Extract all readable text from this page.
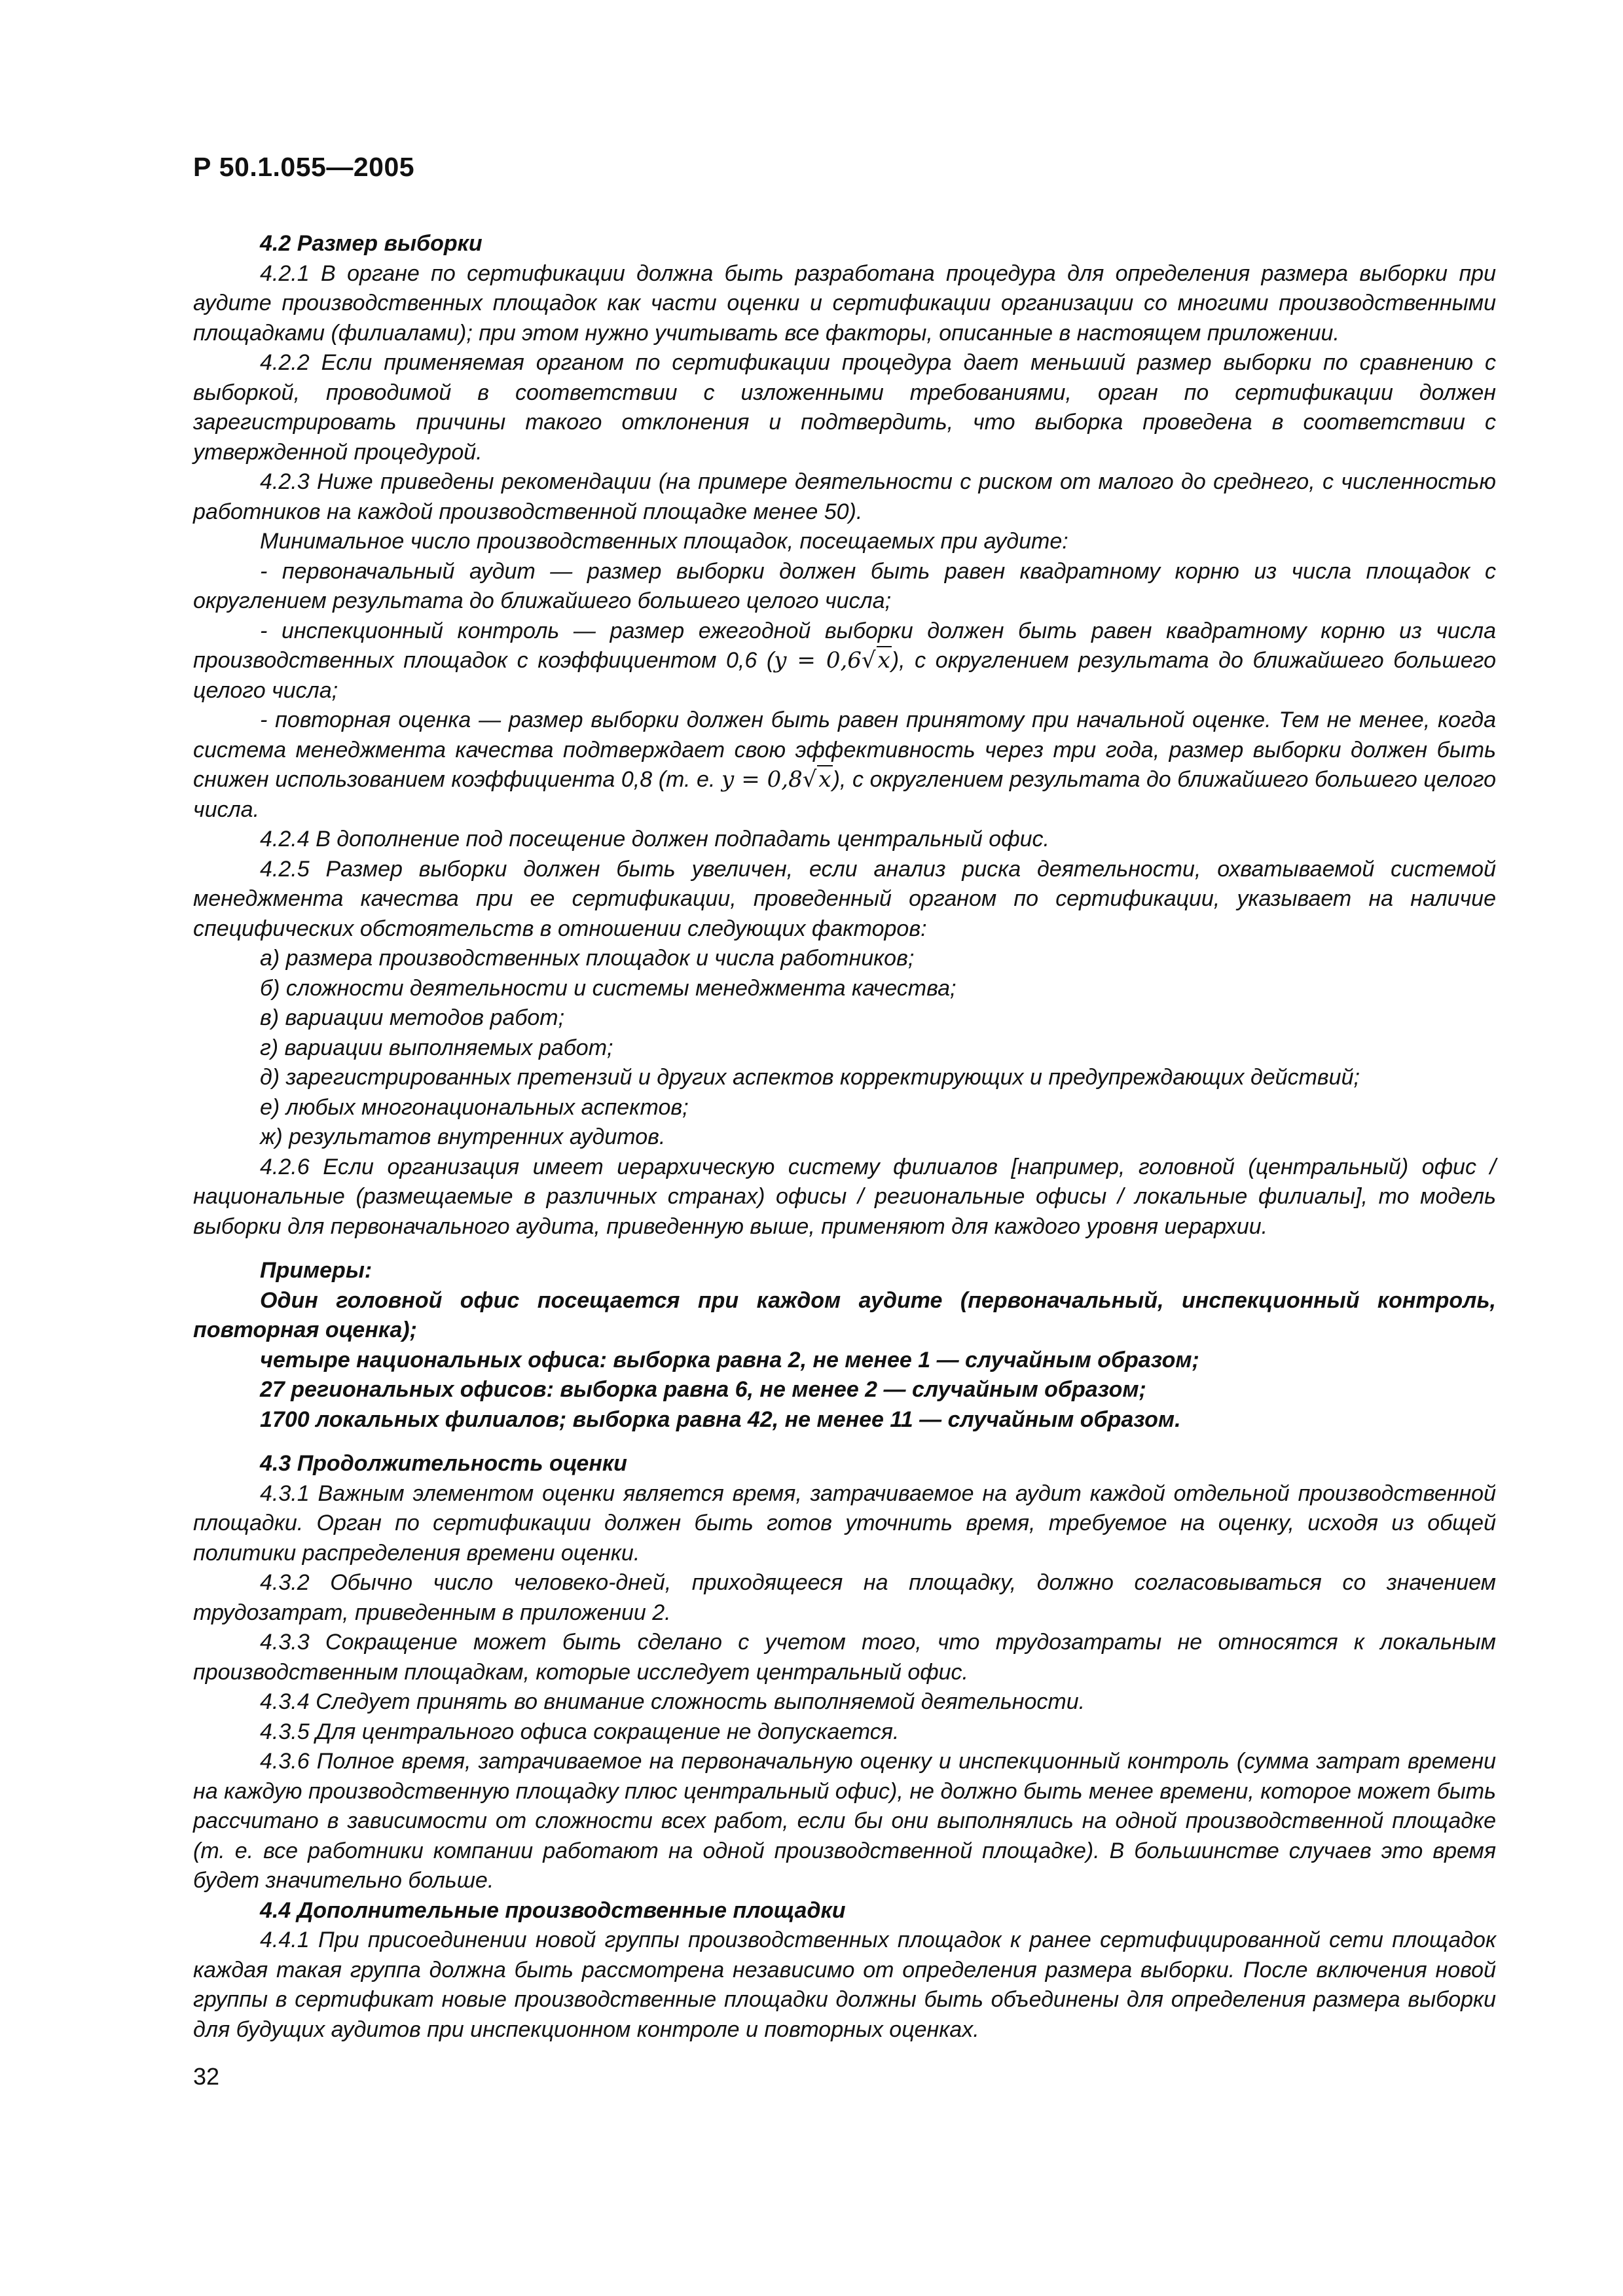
Р 50.1.055—2005

4.2 Размер выборки

4.2.1 В органе по сертификации должна быть разработана процедура для определения размера выборки при аудите производственных площадок как части оценки и сертификации организации со многими производственными площадками (филиалами); при этом нужно учитывать все факторы, описанные в настоящем приложении.

4.2.2 Если применяемая органом по сертификации процедура дает меньший размер выборки по сравнению с выборкой, проводимой в соответствии с изложенными требованиями, орган по сертификации должен зарегистрировать причины такого отклонения и подтвердить, что выборка проведена в соответствии с утвержденной процедурой.

4.2.3 Ниже приведены рекомендации (на примере деятельности с риском от малого до среднего, с численностью работников на каждой производственной площадке менее 50).

Минимальное число производственных площадок, посещаемых при аудите:

- первоначальный аудит — размер выборки должен быть равен квадратному корню из числа площадок с округлением результата до ближайшего большего целого числа;

- инспекционный контроль — размер ежегодной выборки должен быть равен квадратному корню из числа производственных площадок с коэффициентом 0,6 (y = 0,6√x), с округлением результата до ближайшего большего целого числа;

- повторная оценка — размер выборки должен быть равен принятому при начальной оценке. Тем не менее, когда система менеджмента качества подтверждает свою эффективность через три года, размер выборки должен быть снижен использованием коэффициента 0,8 (т. е. y = 0,8√x), с округлением результата до ближайшего большего целого числа.

4.2.4 В дополнение под посещение должен подпадать центральный офис.

4.2.5 Размер выборки должен быть увеличен, если анализ риска деятельности, охватываемой системой менеджмента качества при ее сертификации, проведенный органом по сертификации, указывает на наличие специфических обстоятельств в отношении следующих факторов:

а) размера производственных площадок и числа работников;

б) сложности деятельности и системы менеджмента качества;

в) вариации методов работ;

г) вариации выполняемых работ;

д) зарегистрированных претензий и других аспектов корректирующих и предупреждающих действий;

е) любых многонациональных аспектов;

ж) результатов внутренних аудитов.

4.2.6 Если организация имеет иерархическую систему филиалов [например, головной (центральный) офис / национальные (размещаемые в различных странах) офисы / региональные офисы / локальные филиалы], то модель выборки для первоначального аудита, приведенную выше, применяют для каждого уровня иерархии.

Примеры:

Один головной офис посещается при каждом аудите (первоначальный, инспекционный контроль, повторная оценка);

четыре национальных офиса: выборка равна 2, не менее 1 — случайным образом;

27 региональных офисов: выборка равна 6, не менее 2 — случайным образом;

1700 локальных филиалов; выборка равна 42, не менее 11 — случайным образом.

4.3 Продолжительность оценки

4.3.1 Важным элементом оценки является время, затрачиваемое на аудит каждой отдельной производственной площадки. Орган по сертификации должен быть готов уточнить время, требуемое на оценку, исходя из общей политики распределения времени оценки.

4.3.2 Обычно число человеко-дней, приходящееся на площадку, должно согласовываться со значением трудозатрат, приведенным в приложении 2.

4.3.3 Сокращение может быть сделано с учетом того, что трудозатраты не относятся к локальным производственным площадкам, которые исследует центральный офис.

4.3.4 Следует принять во внимание сложность выполняемой деятельности.

4.3.5 Для центрального офиса сокращение не допускается.

4.3.6 Полное время, затрачиваемое на первоначальную оценку и инспекционный контроль (сумма затрат времени на каждую производственную площадку плюс центральный офис), не должно быть менее времени, которое может быть рассчитано в зависимости от сложности всех работ, если бы они выполнялись на одной производственной площадке (т. е. все работники компании работают на одной производственной площадке). В большинстве случаев это время будет значительно больше.

4.4 Дополнительные производственные площадки

4.4.1 При присоединении новой группы производственных площадок к ранее сертифицированной сети площадок каждая такая группа должна быть рассмотрена независимо от определения размера выборки. После включения новой группы в сертификат новые производственные площадки должны быть объединены для определения размера выборки для будущих аудитов при инспекционном контроле и повторных оценках.

32
